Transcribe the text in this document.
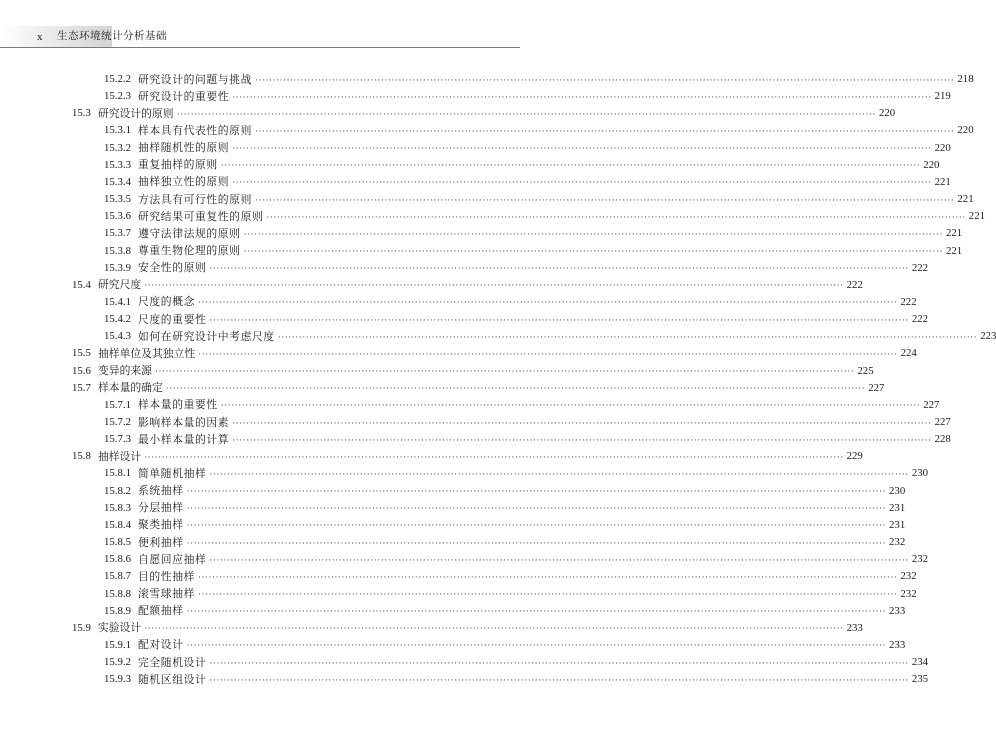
x 生态环境统计分析基础
15.2.2 研究设计的问题与挑战 ········································································································································································································ 218
15.2.3 研究设计的重要性 ········································································································································································································ 219
15.3 研究设计的原则 ········································································································································································································ 220
15.3.1 样本具有代表性的原则 ········································································································································································································ 220
15.3.2 抽样随机性的原则 ········································································································································································································ 220
15.3.3 重复抽样的原则 ········································································································································································································ 220
15.3.4 抽样独立性的原则 ········································································································································································································ 221
15.3.5 方法具有可行性的原则 ········································································································································································································ 221
15.3.6 研究结果可重复性的原则 ········································································································································································································ 221
15.3.7 遵守法律法规的原则 ········································································································································································································ 221
15.3.8 尊重生物伦理的原则 ········································································································································································································ 221
15.3.9 安全性的原则 ········································································································································································································ 222
15.4 研究尺度 ········································································································································································································ 222
15.4.1 尺度的概念 ········································································································································································································ 222
15.4.2 尺度的重要性 ········································································································································································································ 222
15.4.3 如何在研究设计中考虑尺度 ········································································································································································································ 223
15.5 抽样单位及其独立性 ········································································································································································································ 224
15.6 变异的来源 ········································································································································································································ 225
15.7 样本量的确定 ········································································································································································································ 227
15.7.1 样本量的重要性 ········································································································································································································ 227
15.7.2 影响样本量的因素 ········································································································································································································ 227
15.7.3 最小样本量的计算 ········································································································································································································ 228
15.8 抽样设计 ········································································································································································································ 229
15.8.1 简单随机抽样 ········································································································································································································ 230
15.8.2 系统抽样 ········································································································································································································ 230
15.8.3 分层抽样 ········································································································································································································ 231
15.8.4 聚类抽样 ········································································································································································································ 231
15.8.5 便利抽样 ········································································································································································································ 232
15.8.6 自愿回应抽样 ········································································································································································································ 232
15.8.7 目的性抽样 ········································································································································································································ 232
15.8.8 滚雪球抽样 ········································································································································································································ 232
15.8.9 配额抽样 ········································································································································································································ 233
15.9 实验设计 ········································································································································································································ 233
15.9.1 配对设计 ········································································································································································································ 233
15.9.2 完全随机设计 ········································································································································································································ 234
15.9.3 随机区组设计 ········································································································································································································ 235
